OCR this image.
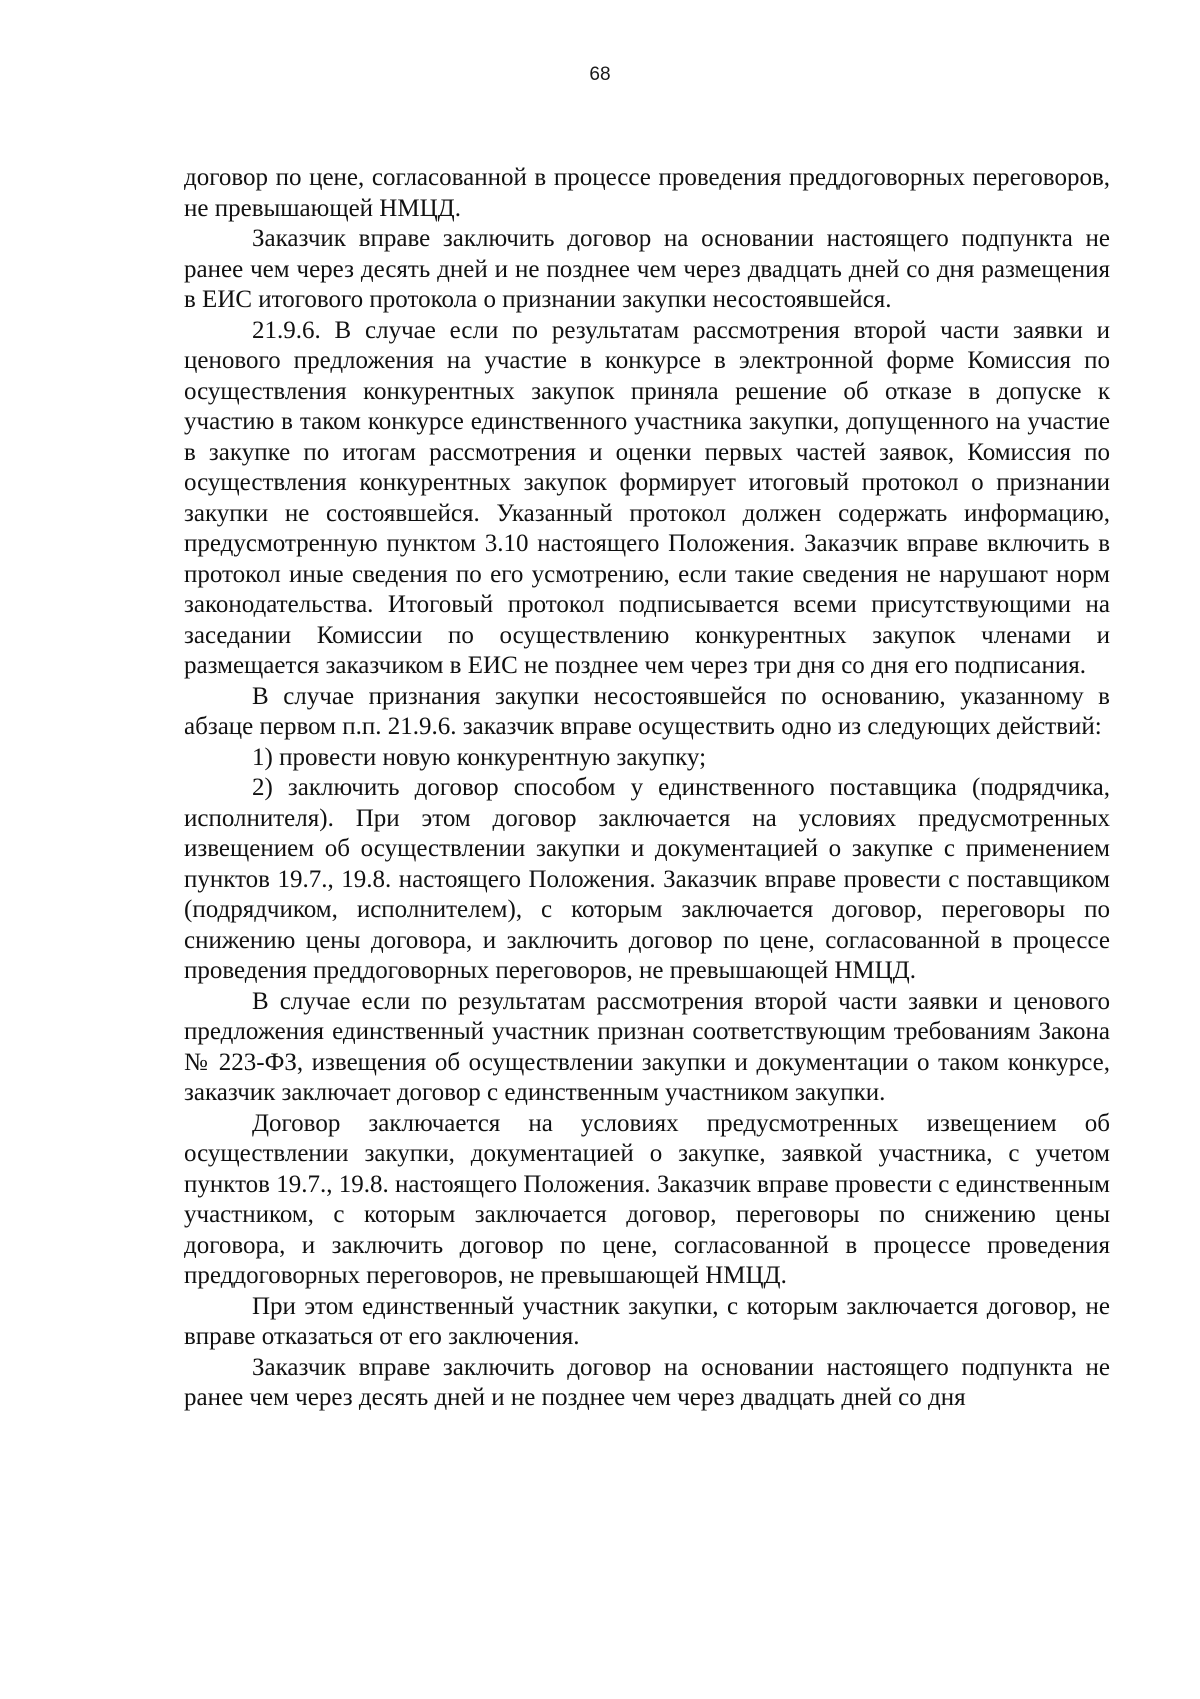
68

договор по цене, согласованной в процессе проведения преддоговорных переговоров, не превышающей НМЦД.

Заказчик вправе заключить договор на основании настоящего подпункта не ранее чем через десять дней и не позднее чем через двадцать дней со дня размещения в ЕИС итогового протокола о признании закупки несостоявшейся.

21.9.6. В случае если по результатам рассмотрения второй части заявки и ценового предложения на участие в конкурсе в электронной форме Комиссия по осуществления конкурентных закупок приняла решение об отказе в допуске к участию в таком конкурсе единственного участника закупки, допущенного на участие в закупке по итогам рассмотрения и оценки первых частей заявок, Комиссия по осуществления конкурентных закупок формирует итоговый протокол о признании закупки не состоявшейся. Указанный протокол должен содержать информацию, предусмотренную пунктом 3.10 настоящего Положения. Заказчик вправе включить в протокол иные сведения по его усмотрению, если такие сведения не нарушают норм законодательства. Итоговый протокол подписывается всеми присутствующими на заседании Комиссии по осуществлению конкурентных закупок членами и размещается заказчиком в ЕИС не позднее чем через три дня со дня его подписания.

В случае признания закупки несостоявшейся по основанию, указанному в абзаце первом п.п. 21.9.6. заказчик вправе осуществить одно из следующих действий:

1) провести новую конкурентную закупку;

2) заключить договор способом у единственного поставщика (подрядчика, исполнителя). При этом договор заключается на условиях предусмотренных извещением об осуществлении закупки и документацией о закупке с применением пунктов 19.7., 19.8. настоящего Положения. Заказчик вправе провести с поставщиком (подрядчиком, исполнителем), с которым заключается договор, переговоры по снижению цены договора, и заключить договор по цене, согласованной в процессе проведения преддоговорных переговоров, не превышающей НМЦД.

В случае если по результатам рассмотрения второй части заявки и ценового предложения единственный участник признан соответствующим требованиям Закона № 223-ФЗ, извещения об осуществлении закупки и документации о таком конкурсе, заказчик заключает договор с единственным участником закупки.

Договор заключается на условиях предусмотренных извещением об осуществлении закупки, документацией о закупке, заявкой участника, с учетом пунктов 19.7., 19.8. настоящего Положения. Заказчик вправе провести с единственным участником, с которым заключается договор, переговоры по снижению цены договора, и заключить договор по цене, согласованной в процессе проведения преддоговорных переговоров, не превышающей НМЦД.

При этом единственный участник закупки, с которым заключается договор, не вправе отказаться от его заключения.

Заказчик вправе заключить договор на основании настоящего подпункта не ранее чем через десять дней и не позднее чем через двадцать дней со дня
